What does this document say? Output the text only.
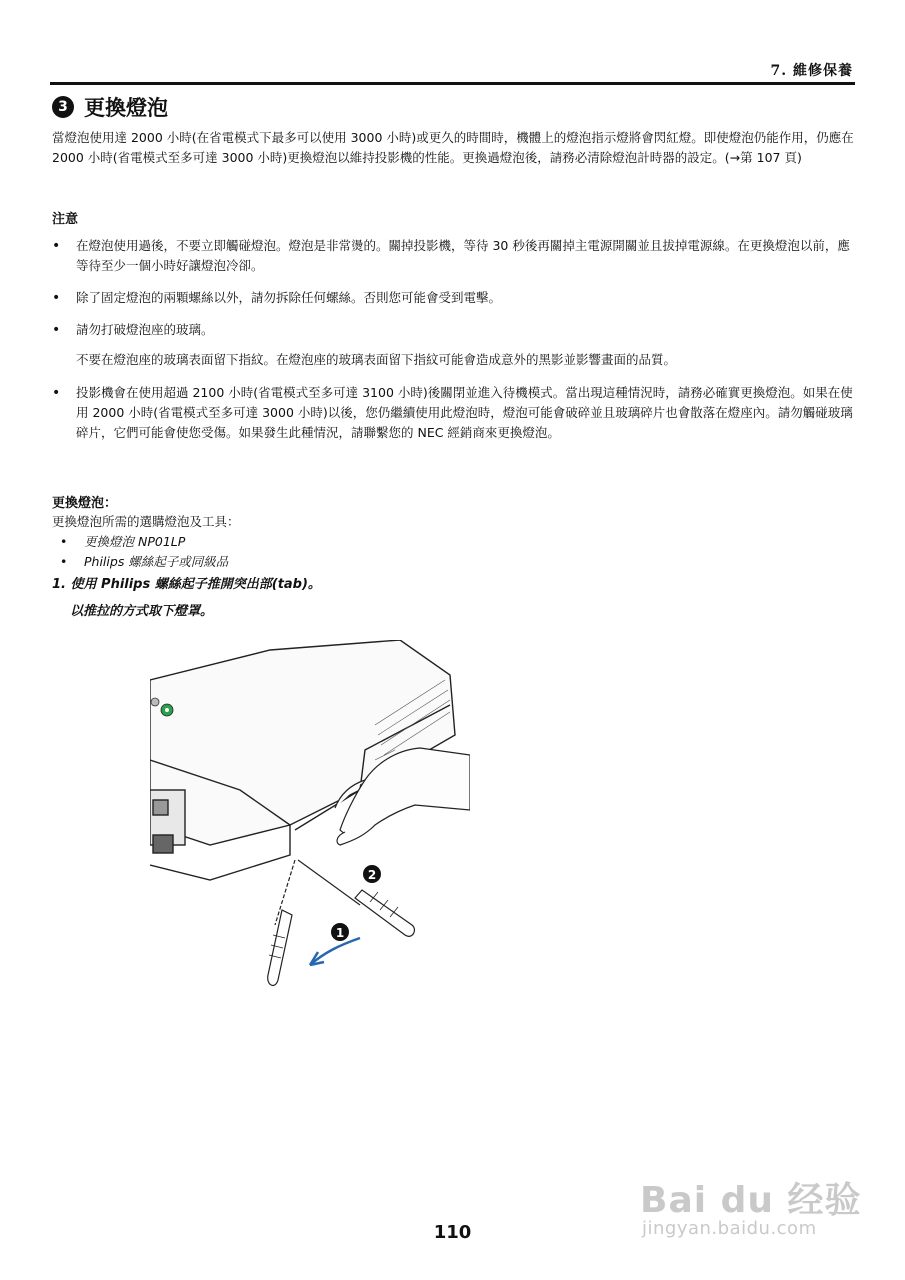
7. 維修保養
3 更換燈泡
當燈泡使用達 2000 小時(在省電模式下最多可以使用 3000 小時)或更久的時間時，機體上的燈泡指示燈將會閃紅燈。即使燈泡仍能作用，仍應在 2000 小時(省電模式至多可達 3000 小時)更換燈泡以維持投影機的性能。更換過燈泡後，請務必清除燈泡計時器的設定。(→第 107 頁)
注意
• 在燈泡使用過後，不要立即觸碰燈泡。燈泡是非常燙的。關掉投影機，等待 30 秒後再關掉主電源開關並且拔掉電源線。在更換燈泡以前，應等待至少一個小時好讓燈泡冷卻。
• 除了固定燈泡的兩顆螺絲以外，請勿拆除任何螺絲。否則您可能會受到電擊。
• 請勿打破燈泡座的玻璃。
不要在燈泡座的玻璃表面留下指紋。在燈泡座的玻璃表面留下指紋可能會造成意外的黑影並影響畫面的品質。
• 投影機會在使用超過 2100 小時(省電模式至多可達 3100 小時)後關閉並進入待機模式。當出現這種情況時，請務必確實更換燈泡。如果在使用 2000 小時(省電模式至多可達 3000 小時)以後，您仍繼續使用此燈泡時，燈泡可能會破碎並且玻璃碎片也會散落在燈座內。請勿觸碰玻璃碎片，它們可能會使您受傷。如果發生此種情況，請聯繫您的 NEC 經銷商來更換燈泡。
更換燈泡：
更換燈泡所需的選購燈泡及工具：
• 更換燈泡 NP01LP
• Philips 螺絲起子或同級品
1. 使用 Philips 螺絲起子推開突出部(tab)。
以推拉的方式取下燈罩。
1
2
Bai du 经验
jingyan.baidu.com
110
